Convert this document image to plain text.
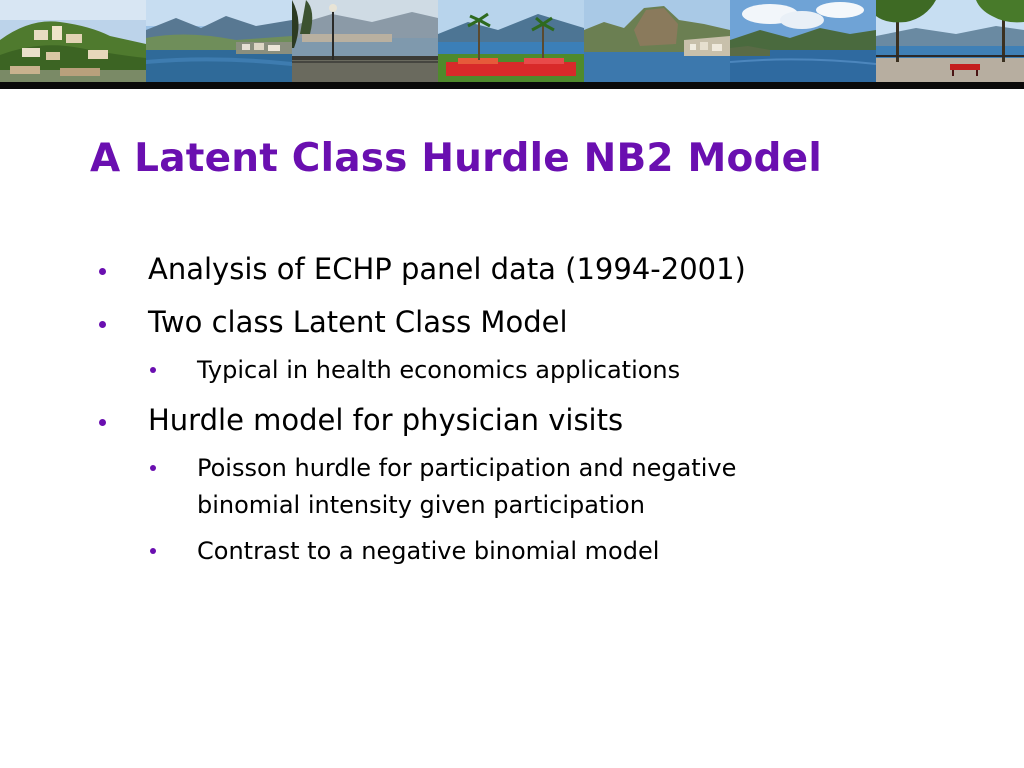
A Latent Class Hurdle NB2 Model
Analysis of ECHP panel data (1994-2001)
Two class Latent Class Model
Typical in health economics applications
Hurdle model for physician visits
Poisson hurdle for participation and negative
binomial intensity given participation
Contrast to a negative binomial model
